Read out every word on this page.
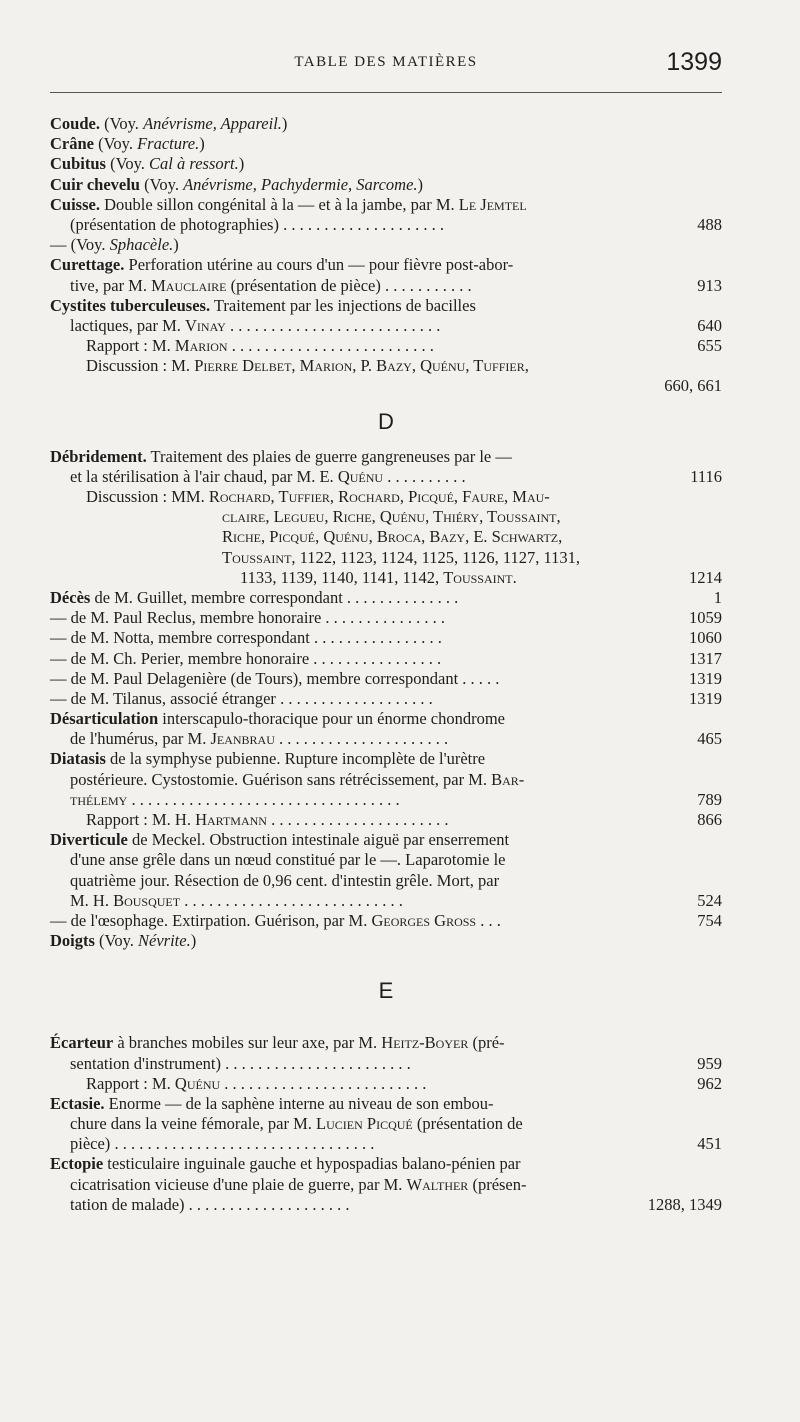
TABLE DES MATIÈRES	1399
Coude. (Voy. Anévrisme, Appareil.)
Crâne (Voy. Fracture.)
Cubitus (Voy. Cal à ressort.)
Cuir chevelu (Voy. Anévrisme, Pachydermie, Sarcome.)
Cuisse. Double sillon congénital à la — et à la jambe, par M. Le Jemtel
(présentation de photographies) . . . . . . . . . . . . . . . . . . . .	488
— (Voy. Sphacèle.)
Curettage. Perforation utérine au cours d'un — pour fièvre post-abor-
tive, par M. Mauclaire (présentation de pièce) . . . . . . . . . . .	913
Cystites tuberculeuses. Traitement par les injections de bacilles
lactiques, par M. Vinay . . . . . . . . . . . . . . . . . . . . . . . . . .	640
Rapport : M. Marion . . . . . . . . . . . . . . . . . . . . . . . . .	655
Discussion : M. Pierre Delbet, Marion, P. Bazy, Quénu, Tuffier,
660, 661
D
Débridement. Traitement des plaies de guerre gangreneuses par le —
et la stérilisation à l'air chaud, par M. E. Quénu . . . . . . . . . .	1116
Discussion : MM. Rochard, Tuffier, Rochard, Picqué, Faure, Mau-
claire, Legueu, Riche, Quénu, Thiéry, Toussaint,
Riche, Picqué, Quénu, Broca, Bazy, E. Schwartz,
Toussaint, 1122, 1123, 1124, 1125, 1126, 1127, 1131,
1133, 1139, 1140, 1141, 1142, Toussaint.	1214
Décès de M. Guillet, membre correspondant . . . . . . . . . . . . . .	1
— de M. Paul Reclus, membre honoraire . . . . . . . . . . . . . . .	1059
— de M. Notta, membre correspondant . . . . . . . . . . . . . . . .	1060
— de M. Ch. Perier, membre honoraire . . . . . . . . . . . . . . . .	1317
— de M. Paul Delagenière (de Tours), membre correspondant . . . . .	1319
— de M. Tilanus, associé étranger . . . . . . . . . . . . . . . . . . .	1319
Désarticulation interscapulo-thoracique pour un énorme chondrome
de l'humérus, par M. Jeanbrau . . . . . . . . . . . . . . . . . . . . .	465
Diatasis de la symphyse pubienne. Rupture incomplète de l'urètre
postérieure. Cystostomie. Guérison sans rétrécissement, par M. Bar-
thélemy . . . . . . . . . . . . . . . . . . . . . . . . . . . . . . . . .	789
Rapport : M. H. Hartmann . . . . . . . . . . . . . . . . . . . . . .	866
Diverticule de Meckel. Obstruction intestinale aiguë par enserrement
d'une anse grêle dans un nœud constitué par le —. Laparotomie le
quatrième jour. Résection de 0,96 cent. d'intestin grêle. Mort, par
M. H. Bousquet . . . . . . . . . . . . . . . . . . . . . . . . . . .	524
— de l'œsophage. Extirpation. Guérison, par M. Georges Gross . . .	754
Doigts (Voy. Névrite.)
E
Écarteur à branches mobiles sur leur axe, par M. Heitz-Boyer (pré-
sentation d'instrument) . . . . . . . . . . . . . . . . . . . . . . .	959
Rapport : M. Quénu . . . . . . . . . . . . . . . . . . . . . . . . .	962
Ectasie. Enorme — de la saphène interne au niveau de son embou-
chure dans la veine fémorale, par M. Lucien Picqué (présentation de
pièce) . . . . . . . . . . . . . . . . . . . . . . . . . . . . . . . .	451
Ectopie testiculaire inguinale gauche et hypospadias balano-pénien par
cicatrisation vicieuse d'une plaie de guerre, par M. Walther (présen-
tation de malade) . . . . . . . . . . . . . . . . . . . .	1288, 1349
